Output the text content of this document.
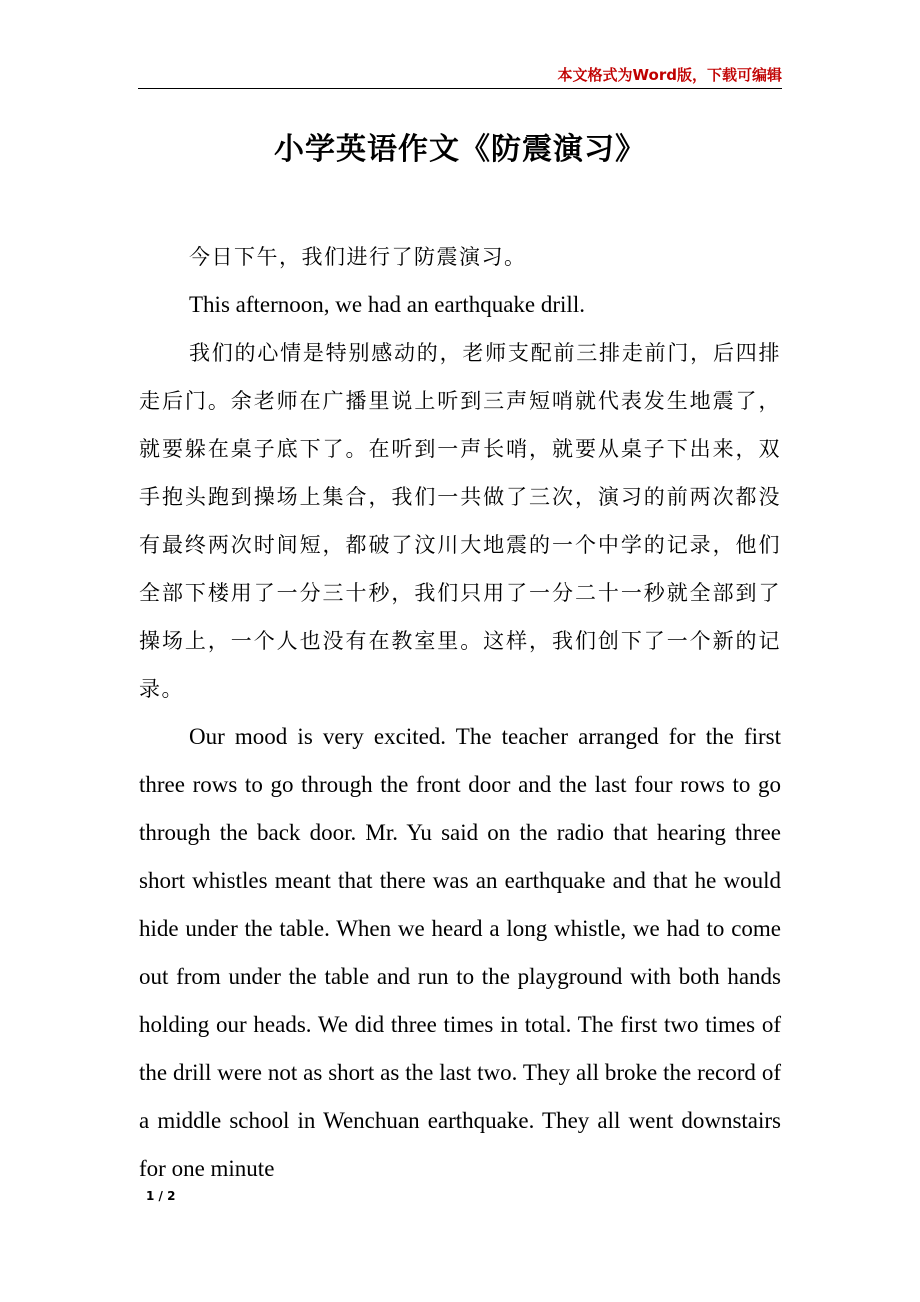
本文格式为Word版，下载可编辑
小学英语作文《防震演习》

今日下午，我们进行了防震演习。

This afternoon, we had an earthquake drill.

我们的心情是特别感动的，老师支配前三排走前门，后四排走后门。余老师在广播里说上听到三声短哨就代表发生地震了，就要躲在桌子底下了。在听到一声长哨，就要从桌子下出来，双手抱头跑到操场上集合，我们一共做了三次，演习的前两次都没有最终两次时间短，都破了汶川大地震的一个中学的记录，他们全部下楼用了一分三十秒，我们只用了一分二十一秒就全部到了操场上，一个人也没有在教室里。这样，我们创下了一个新的记录。

Our mood is very excited. The teacher arranged for the first three rows to go through the front door and the last four rows to go through the back door. Mr. Yu said on the radio that hearing three short whistles meant that there was an earthquake and that he would hide under the table. When we heard a long whistle, we had to come out from under the table and run to the playground with both hands holding our heads. We did three times in total. The first two times of the drill were not as short as the last two. They all broke the record of a middle school in Wenchuan earthquake. They all went downstairs for one minute

1 / 2
